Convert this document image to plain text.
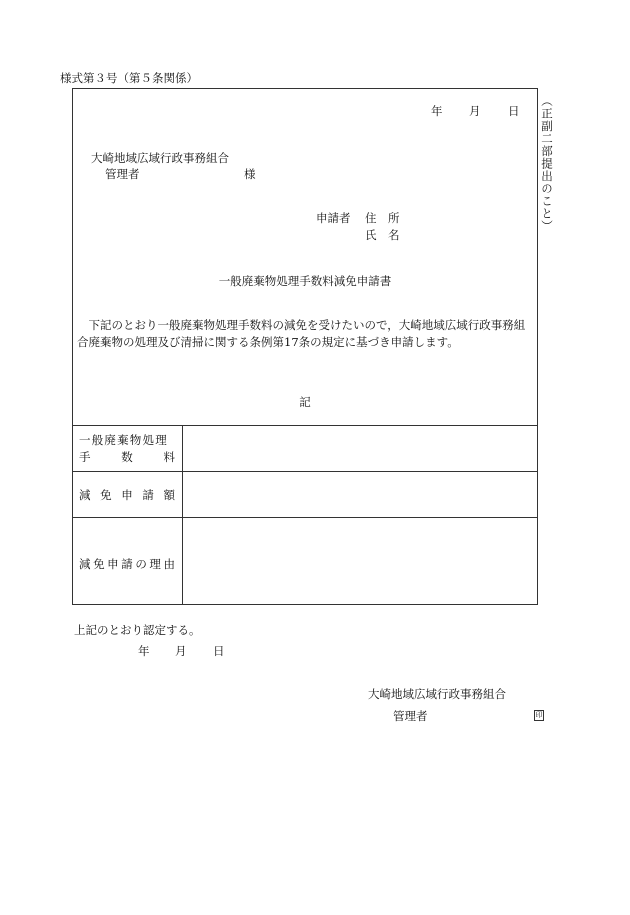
様式第３号（第５条関係）
（正副二部提出のこと）
年 月 日
大崎地域広域行政事務組合
管理者	様
申請者 住　所
氏　名
一般廃棄物処理手数料減免申請書

　下記のとおり一般廃棄物処理手数料の減免を受けたいので，大崎地域広域行政事務組合廃棄物の処理及び清掃に関する条例第17条の規定に基づき申請します。

記
一般廃棄物処理
手	数	料
減 免 申 請 額
減 免 申 請 の 理 由
上記のとおり認定する。
年 月 日
大崎地域広域行政事務組合
管理者	印
